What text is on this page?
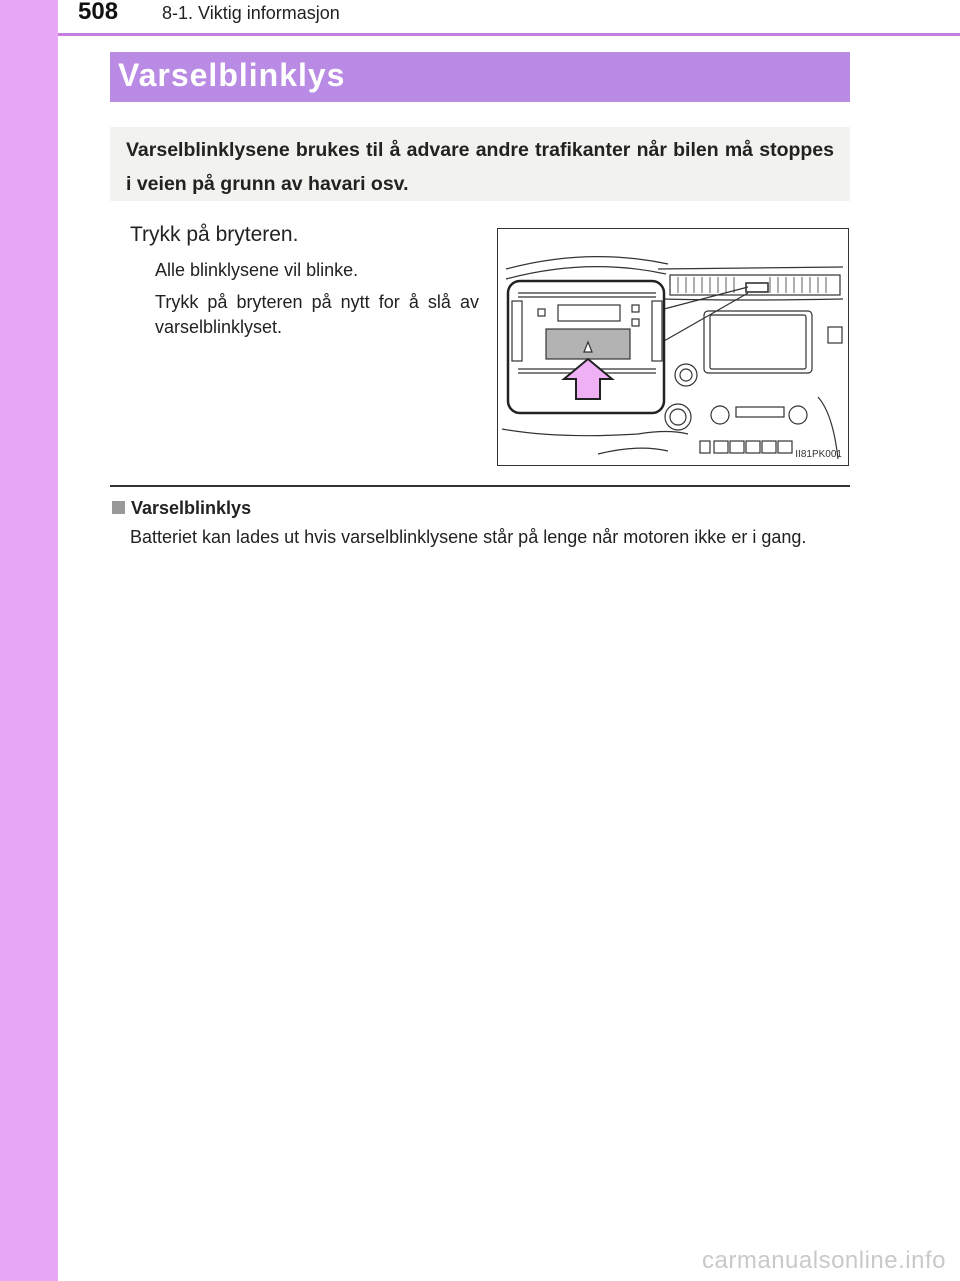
508 8-1. Viktig informasjon
Varselblinklys
Varselblinklysene brukes til å advare andre trafikanter når bilen må stoppes i veien på grunn av havari osv.
Trykk på bryteren.
Alle blinklysene vil blinke.
Trykk på bryteren på nytt for å slå av varselblinklyset.
II81PK001
Varselblinklys
Batteriet kan lades ut hvis varselblinklysene står på lenge når motoren ikke er i gang.
carmanualsonline.info
